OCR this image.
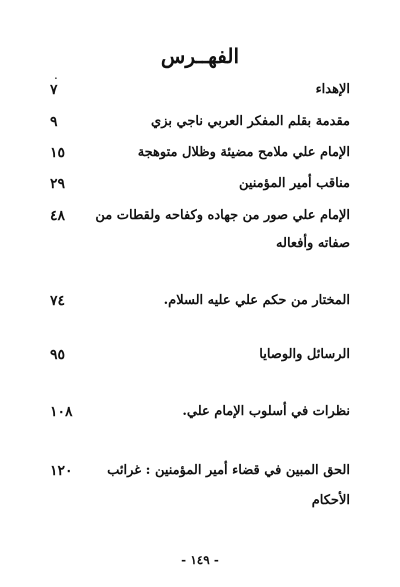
الفهــرس
.
الإهداء
٧
مقدمة بقلم المفكر العربي ناجي بزي
٩
الإمام علي ملامح مضيئة وظلال متوهجة
١٥
مناقب أمير المؤمنين
٢٩
الإمام علي صور من جهاده وكفاحه ولقطات من
٤٨
صفاته وأفعاله
المختار من حكم علي عليه السلام.
٧٤
الرسائل والوصايا
٩٥
نظرات في أسلوب الإمام علي.
١٠٨
الحق المبين في قضاء أمير المؤمنين : غرائب
١٢٠
الأحكام
- ١٤٩ -
